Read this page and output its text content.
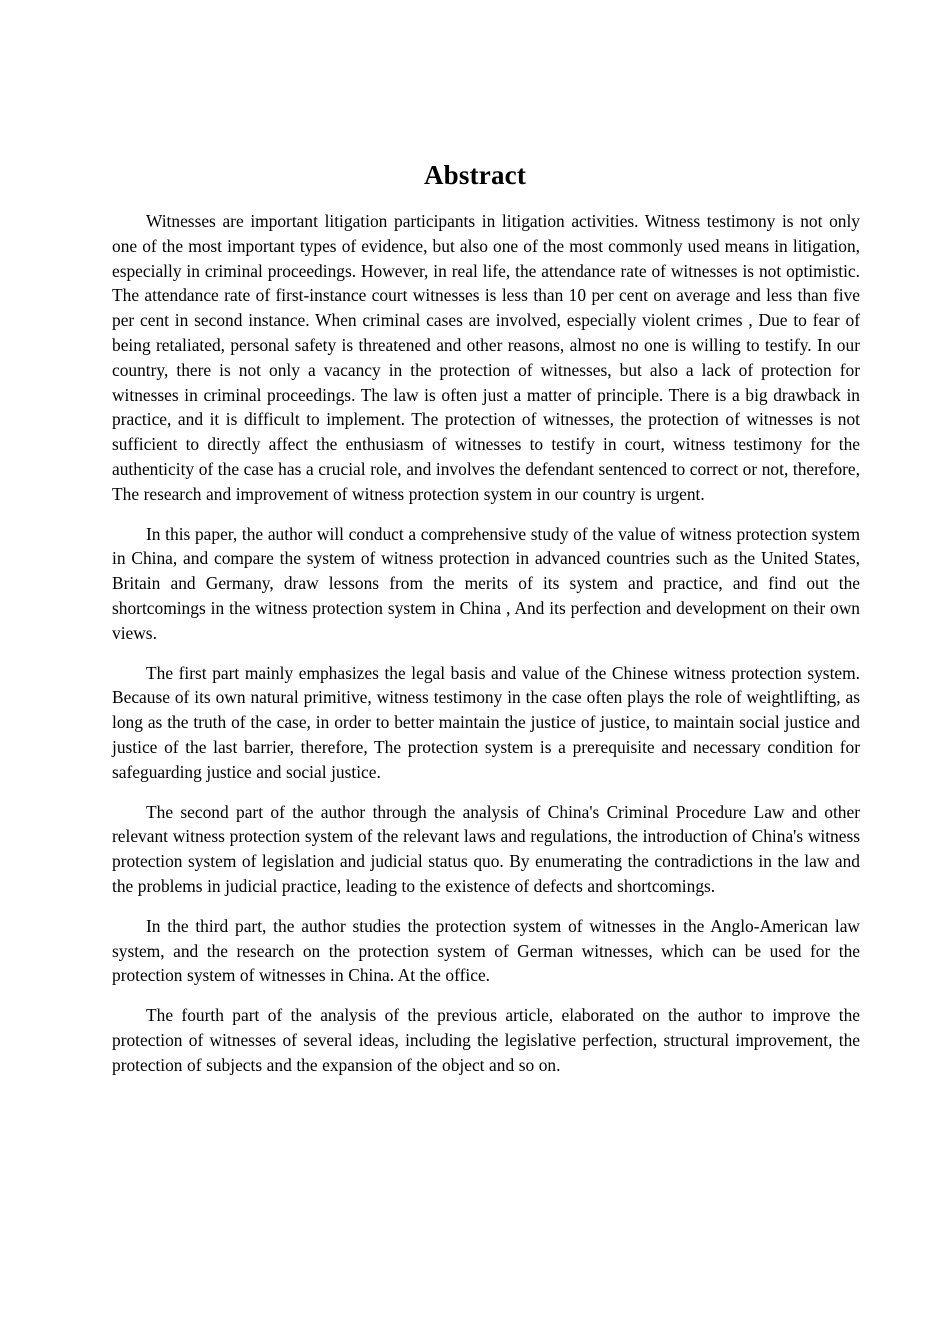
Abstract

Witnesses are important litigation participants in litigation activities. Witness testimony is not only one of the most important types of evidence, but also one of the most commonly used means in litigation, especially in criminal proceedings. However, in real life, the attendance rate of witnesses is not optimistic. The attendance rate of first-instance court witnesses is less than 10 per cent on average and less than five per cent in second instance. When criminal cases are involved, especially violent crimes , Due to fear of being retaliated, personal safety is threatened and other reasons, almost no one is willing to testify. In our country, there is not only a vacancy in the protection of witnesses, but also a lack of protection for witnesses in criminal proceedings. The law is often just a matter of principle. There is a big drawback in practice, and it is difficult to implement. The protection of witnesses, the protection of witnesses is not sufficient to directly affect the enthusiasm of witnesses to testify in court, witness testimony for the authenticity of the case has a crucial role, and involves the defendant sentenced to correct or not, therefore, The research and improvement of witness protection system in our country is urgent.

In this paper, the author will conduct a comprehensive study of the value of witness protection system in China, and compare the system of witness protection in advanced countries such as the United States, Britain and Germany, draw lessons from the merits of its system and practice, and find out the shortcomings in the witness protection system in China , And its perfection and development on their own views.

The first part mainly emphasizes the legal basis and value of the Chinese witness protection system. Because of its own natural primitive, witness testimony in the case often plays the role of weightlifting, as long as the truth of the case, in order to better maintain the justice of justice, to maintain social justice and justice of the last barrier, therefore, The protection system is a prerequisite and necessary condition for safeguarding justice and social justice.

The second part of the author through the analysis of China's Criminal Procedure Law and other relevant witness protection system of the relevant laws and regulations, the introduction of China's witness protection system of legislation and judicial status quo. By enumerating the contradictions in the law and the problems in judicial practice, leading to the existence of defects and shortcomings.

In the third part, the author studies the protection system of witnesses in the Anglo-American law system, and the research on the protection system of German witnesses, which can be used for the protection system of witnesses in China. At the office.

The fourth part of the analysis of the previous article, elaborated on the author to improve the protection of witnesses of several ideas, including the legislative perfection, structural improvement, the protection of subjects and the expansion of the object and so on.
